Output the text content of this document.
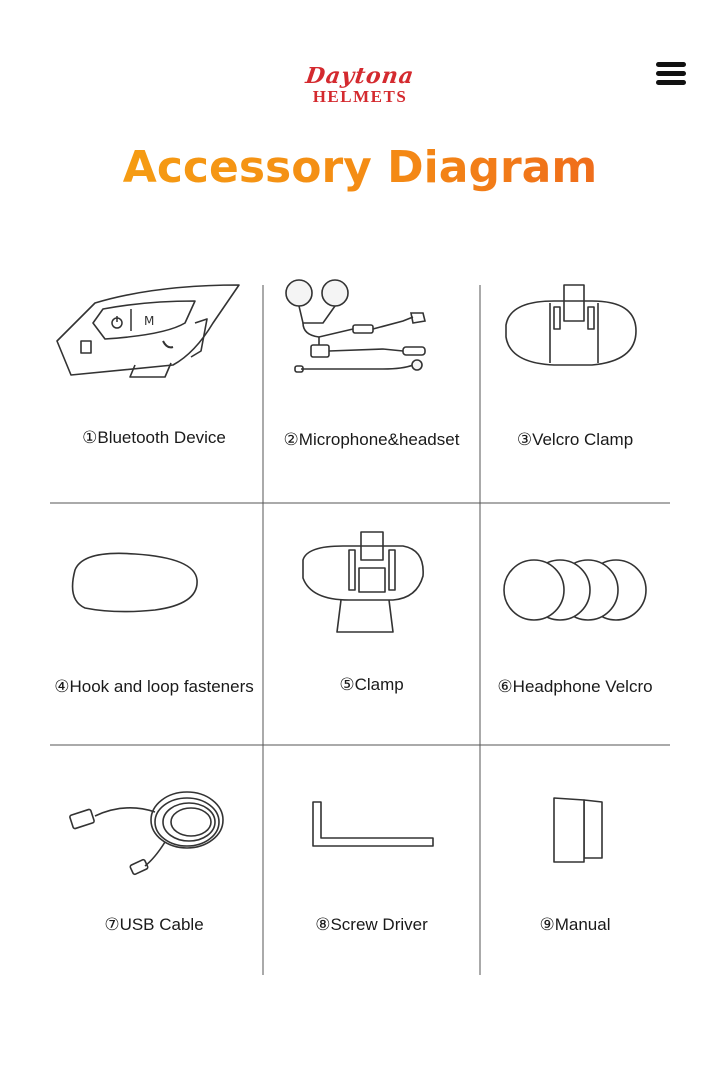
Daytona
HELMETS
Accessory Diagram
M
①Bluetooth Device	②Microphone&headset	③Velcro Clamp
④Hook and loop fasteners	⑤Clamp	⑥Headphone Velcro
⑦USB Cable	⑧Screw Driver	⑨Manual
